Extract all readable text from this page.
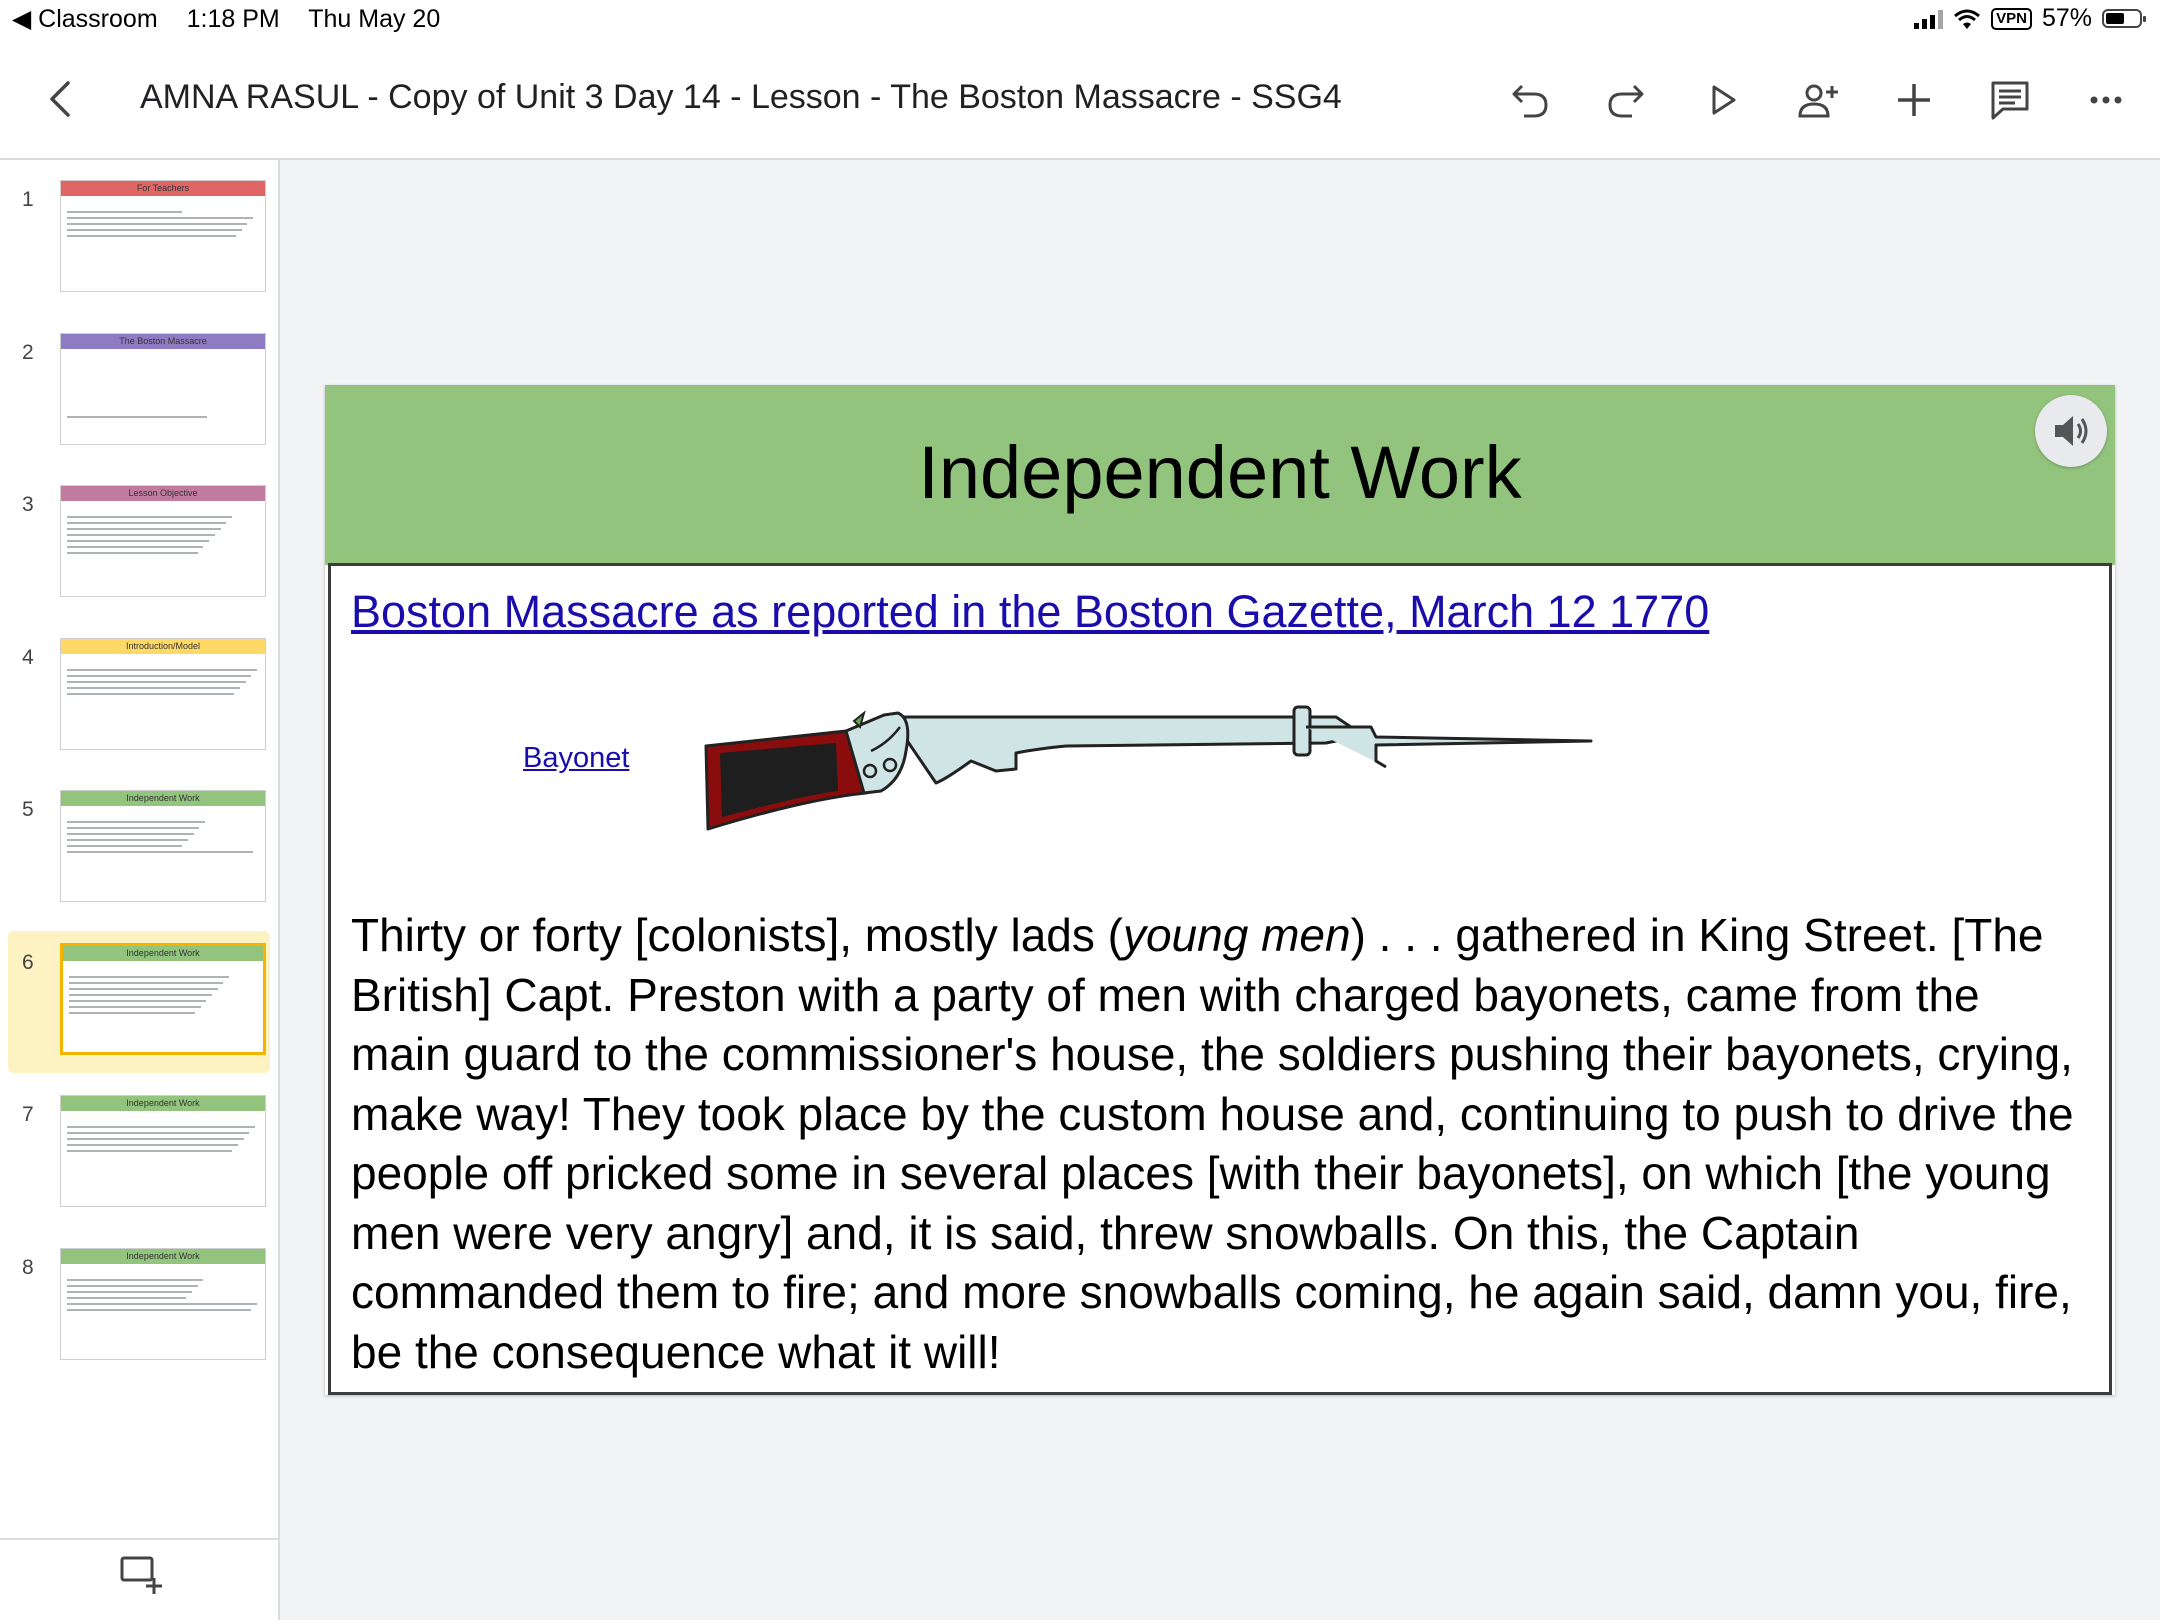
◀ Classroom 1:18 PM Thu May 20	VPN 57%
AMNA RASUL - Copy of Unit 3 Day 14 - Lesson - The Boston Massacre - SSG4
1	For Teachers
2	The Boston Massacre
3	Lesson Objective
4	Introduction/Model
5	Independent Work
6	Independent Work
7	Independent Work
8	Independent Work
Independent Work
Boston Massacre as reported in the Boston Gazette, March 12 1770
Bayonet

Thirty or forty [colonists], mostly lads (young men) . . . gathered in King Street. [The British] Capt. Preston with a party of men with charged bayonets, came from the main guard to the commissioner's house, the soldiers pushing their bayonets, crying, make way! They took place by the custom house and, continuing to push to drive the people off pricked some in several places [with their bayonets], on which [the young men were very angry] and, it is said, threw snowballs. On this, the Captain commanded them to fire; and more snowballs coming, he again said, damn you, fire, be the consequence what it will!
